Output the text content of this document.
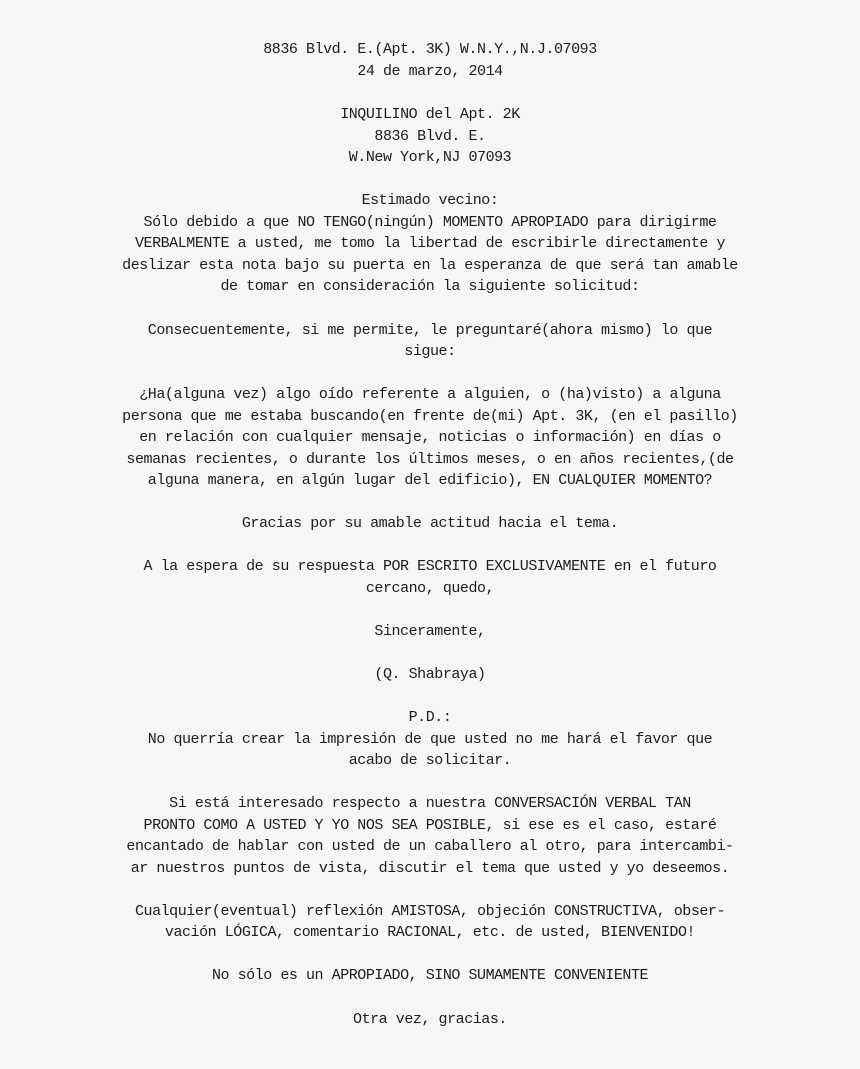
8836 Blvd. E.(Apt. 3K) W.N.Y.,N.J.07093
24 de marzo, 2014
INQUILINO del Apt. 2K
8836 Blvd. E.
W.New York,NJ 07093
Estimado vecino:
Sólo debido a que NO TENGO(ningún) MOMENTO APROPIADO para dirigirme
VERBALMENTE a usted, me tomo la libertad de escribirle directamente y
deslizar esta nota bajo su puerta en la esperanza de que será tan amable
de tomar en consideración la siguiente solicitud:
Consecuentemente, si me permite, le preguntaré(ahora mismo) lo que
sigue:
¿Ha(alguna vez) algo oído referente a alguien, o (ha)visto) a alguna
persona que me estaba buscando(en frente de(mi) Apt. 3K, (en el pasillo)
en relación con cualquier mensaje, noticias o información) en días o
semanas recientes, o durante los últimos meses, o en años recientes,(de
alguna manera, en algún lugar del edificio), EN CUALQUIER MOMENTO?
Gracias por su amable actitud hacia el tema.
A la espera de su respuesta POR ESCRITO EXCLUSIVAMENTE en el futuro
cercano, quedo,
Sinceramente,
(Q. Shabraya)
P.D.:
No querría crear la impresión de que usted no me hará el favor que
acabo de solicitar.
Si está interesado respecto a nuestra CONVERSACIÓN VERBAL TAN
PRONTO COMO A USTED Y YO NOS SEA POSIBLE, si ese es el caso, estaré
encantado de hablar con usted de un caballero al otro, para intercambi-
ar nuestros puntos de vista, discutir el tema que usted y yo deseemos.
Cualquier(eventual) reflexión AMISTOSA, objeción CONSTRUCTIVA, obser-
vación LÓGICA, comentario RACIONAL, etc. de usted, BIENVENIDO!
No sólo es un APROPIADO, SINO SUMAMENTE CONVENIENTE
Otra vez, gracias.
